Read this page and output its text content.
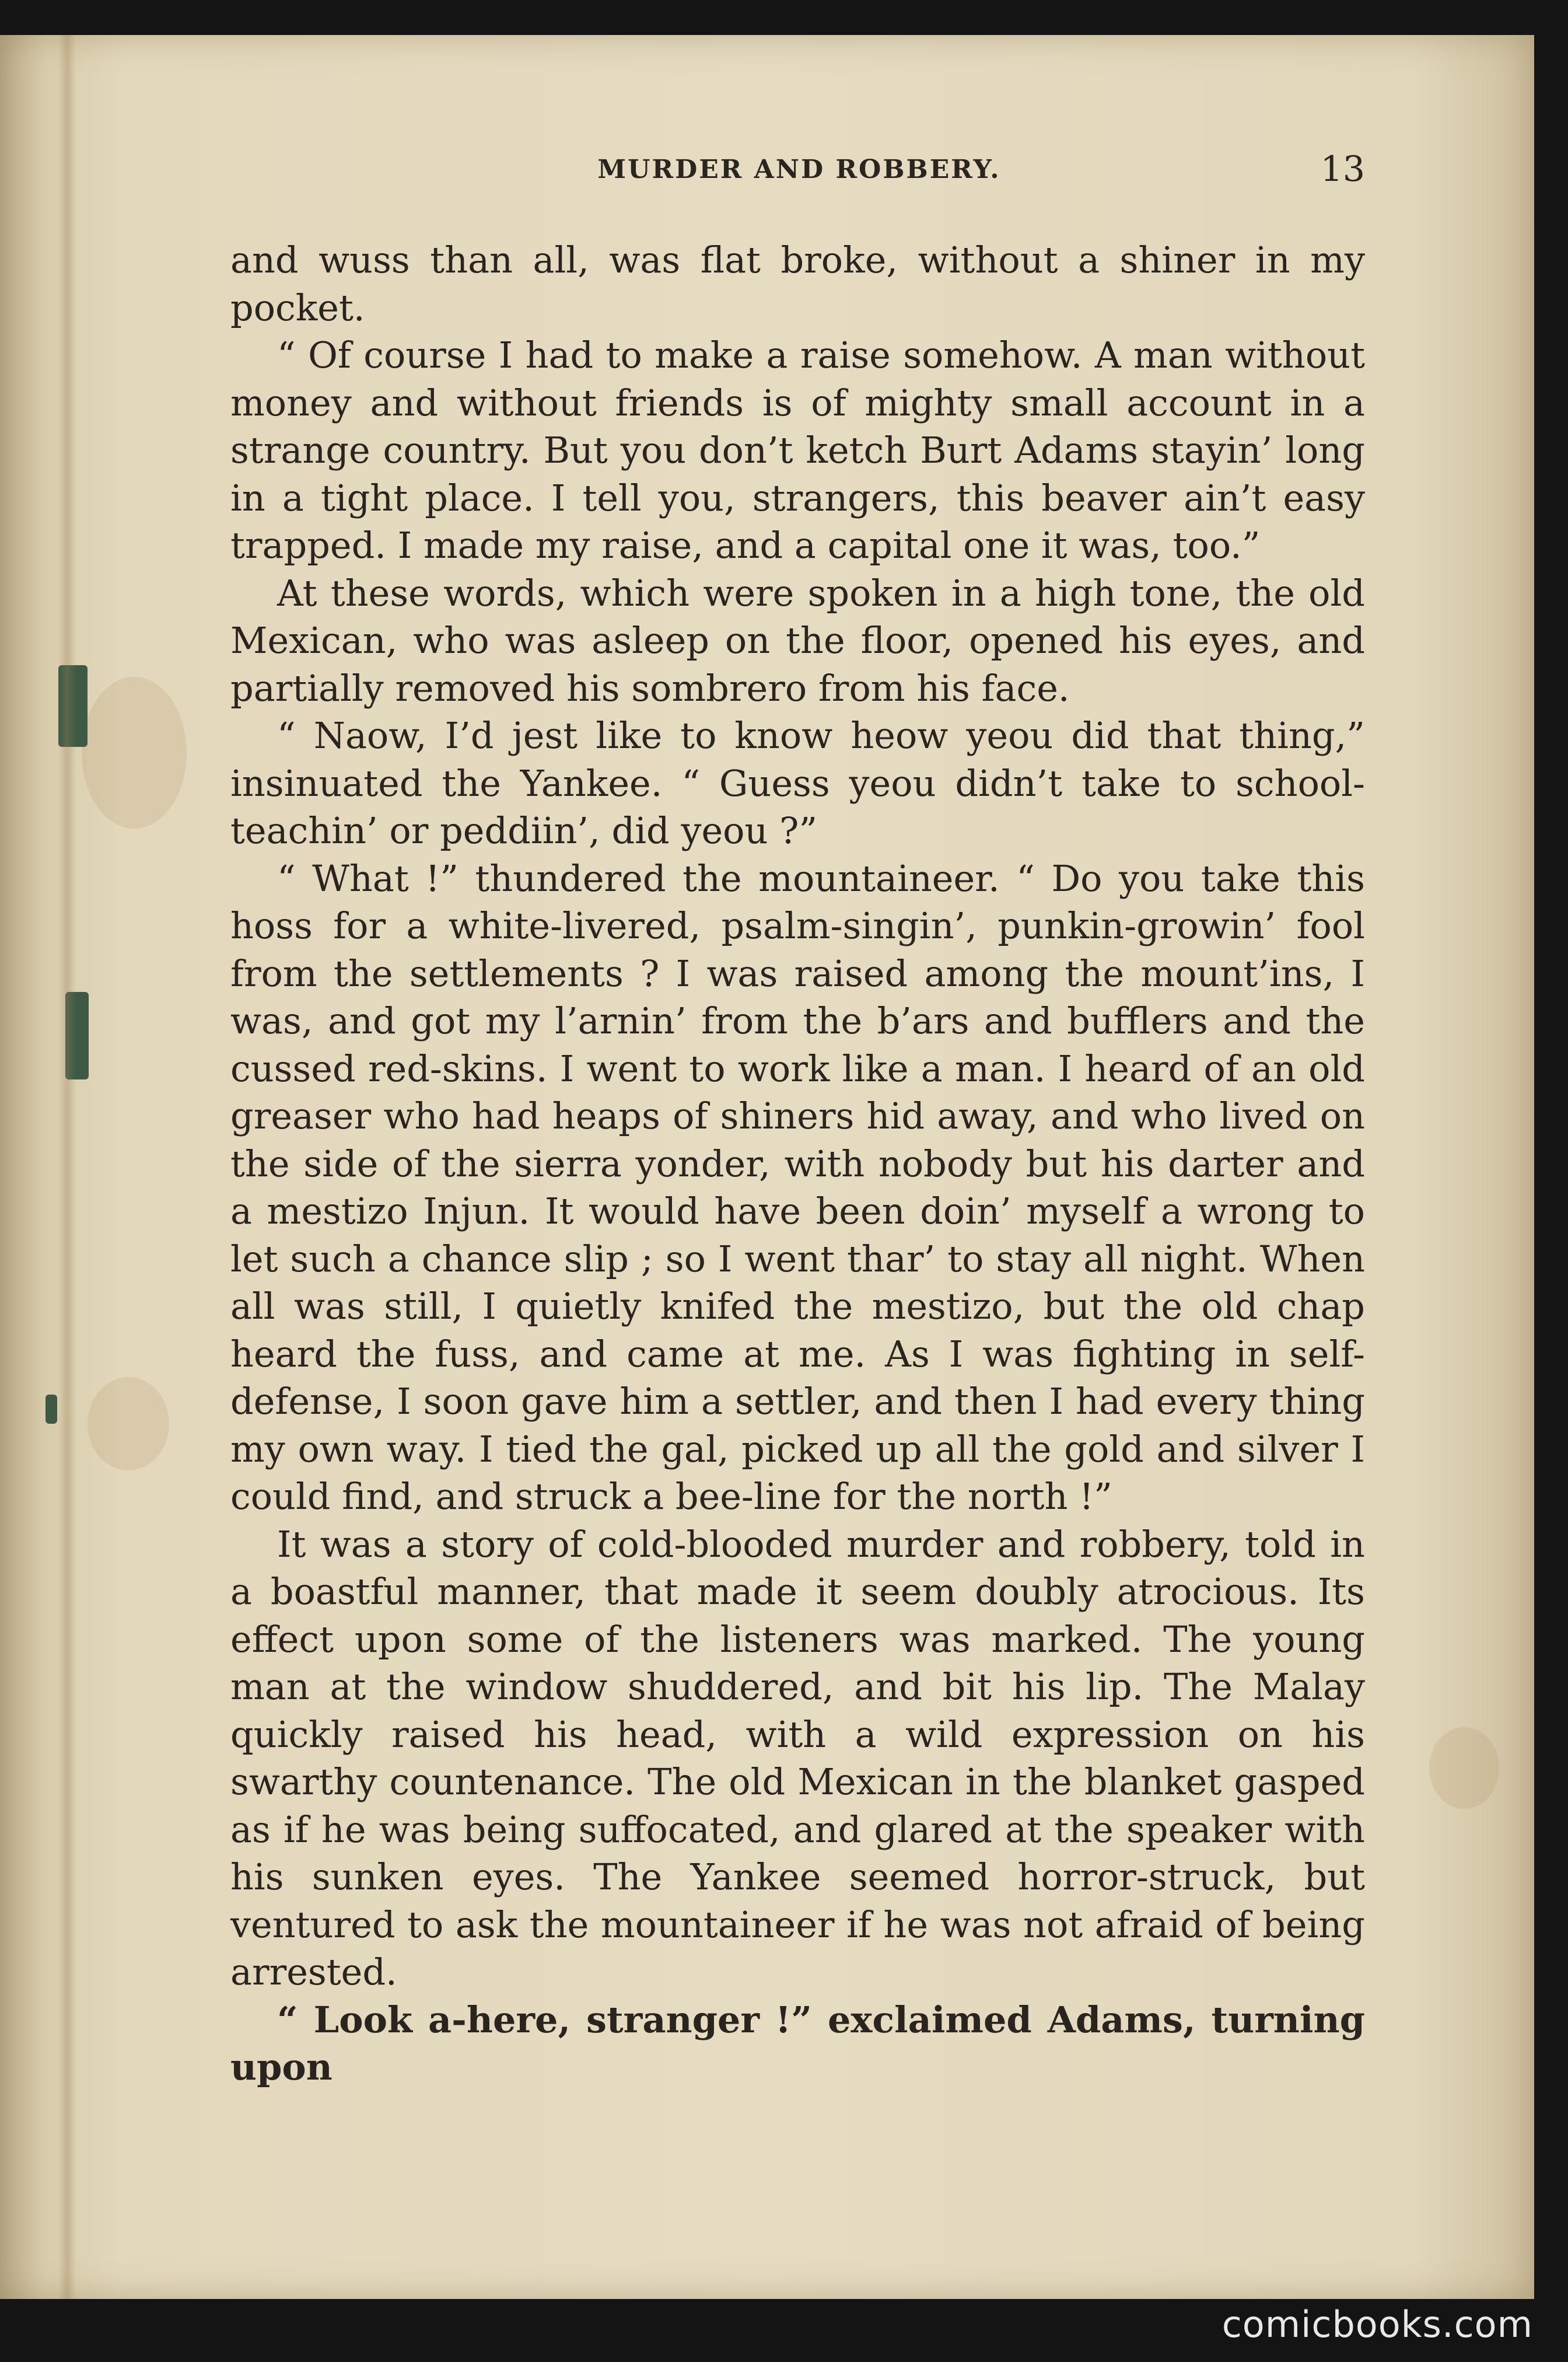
MURDER AND ROBBERY.	13

and wuss than all, was flat broke, without a shiner in my pocket.

“ Of course I had to make a raise somehow. A man without money and without friends is of mighty small account in a strange country. But you don’t ketch Burt Adams stayin’ long in a tight place. I tell you, strangers, this beaver ain’t easy trapped. I made my raise, and a capital one it was, too.”

At these words, which were spoken in a high tone, the old Mexican, who was asleep on the floor, opened his eyes, and partially removed his sombrero from his face.

“ Naow, I’d jest like to know heow yeou did that thing,” insinuated the Yankee. “ Guess yeou didn’t take to school-teachin’ or peddiin’, did yeou ?”

“ What !” thundered the mountaineer. “ Do you take this hoss for a white-livered, psalm-singin’, punkin-growin’ fool from the settlements ? I was raised among the mount’ins, I was, and got my l’arnin’ from the b’ars and bufflers and the cussed red-skins. I went to work like a man. I heard of an old greaser who had heaps of shiners hid away, and who lived on the side of the sierra yonder, with nobody but his darter and a mestizo Injun. It would have been doin’ myself a wrong to let such a chance slip ; so I went thar’ to stay all night. When all was still, I quietly knifed the mestizo, but the old chap heard the fuss, and came at me. As I was fighting in self-defense, I soon gave him a settler, and then I had every thing my own way. I tied the gal, picked up all the gold and silver I could find, and struck a bee-line for the north !”

It was a story of cold-blooded murder and robbery, told in a boastful manner, that made it seem doubly atrocious. Its effect upon some of the listeners was marked. The young man at the window shuddered, and bit his lip. The Malay quickly raised his head, with a wild expression on his swarthy countenance. The old Mexican in the blanket gasped as if he was being suffocated, and glared at the speaker with his sunken eyes. The Yankee seemed horror-struck, but ventured to ask the mountaineer if he was not afraid of being arrested.

“ Look a-here, stranger !” exclaimed Adams, turning upon

comicbooks.com
